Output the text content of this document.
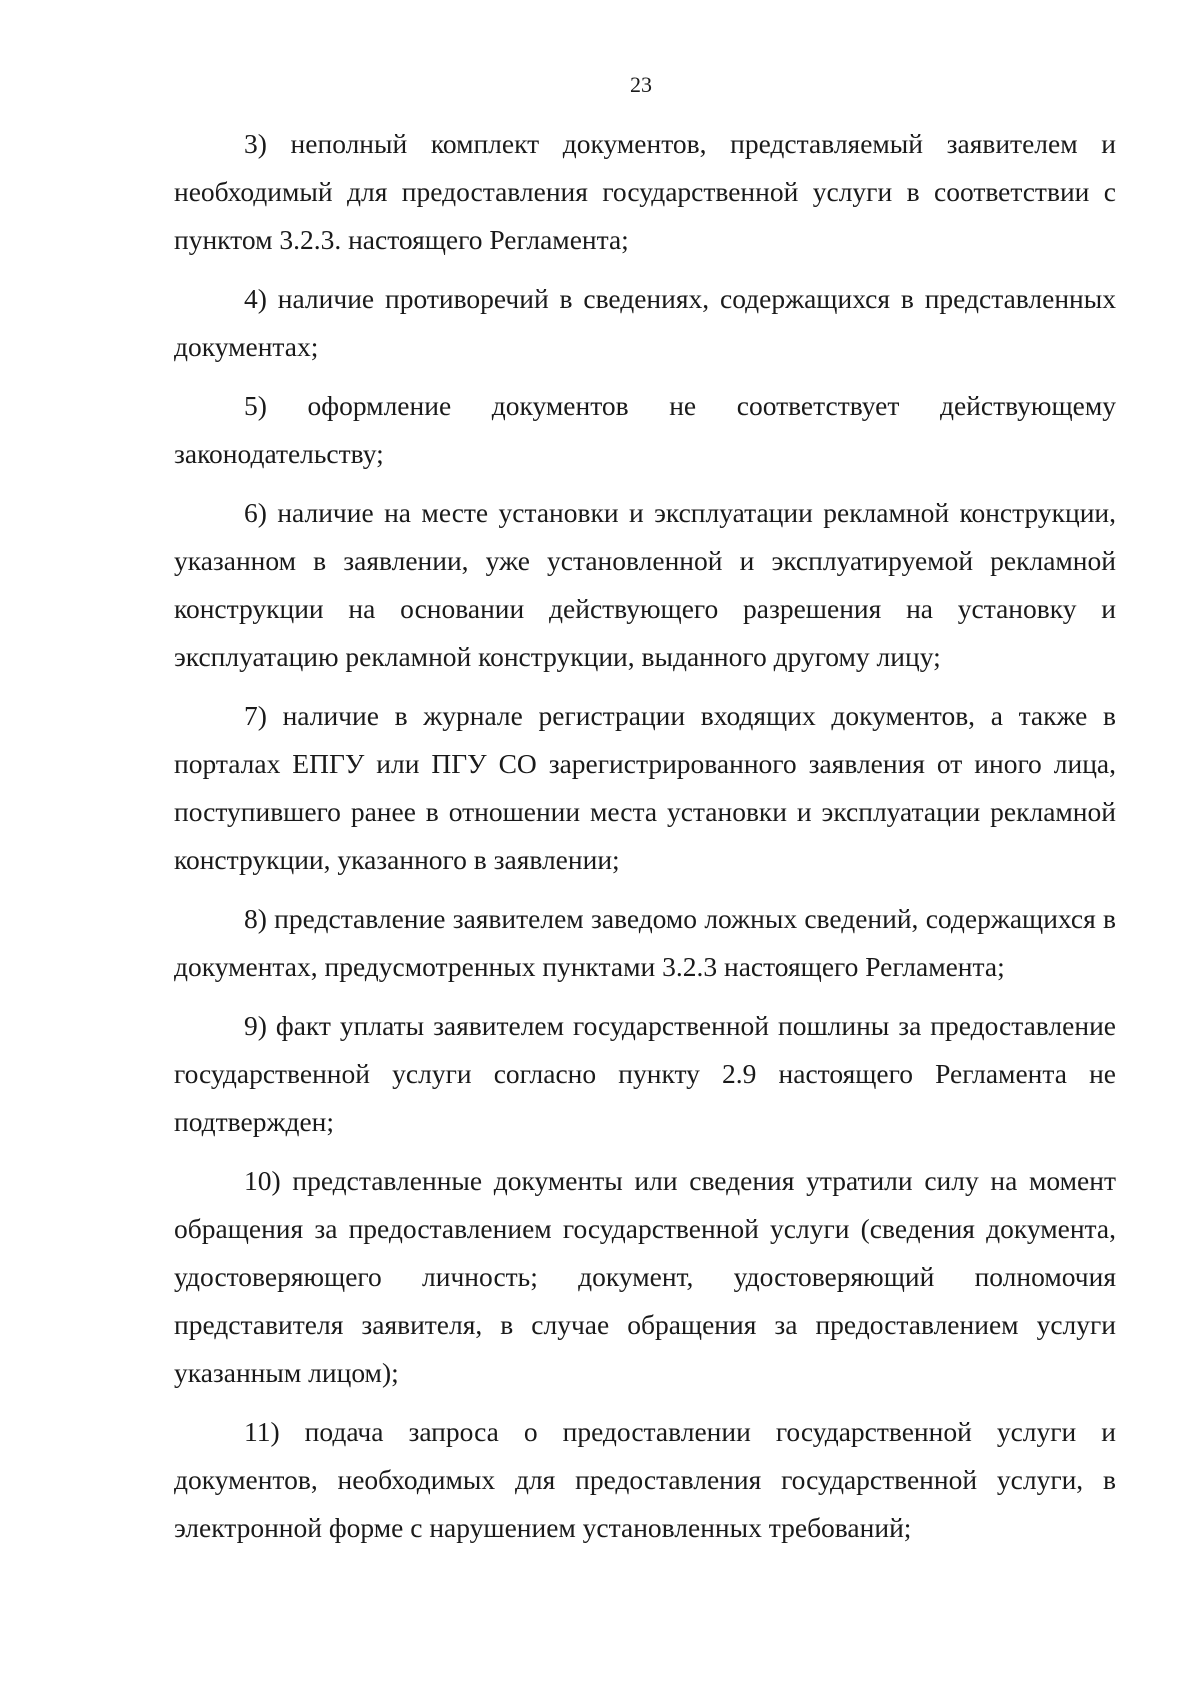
23

3) неполный комплект документов, представляемый заявителем и необходимый для предоставления государственной услуги в соответствии с пунктом 3.2.3. настоящего Регламента;

4) наличие противоречий в сведениях, содержащихся в представленных документах;

5) оформление документов не соответствует действующему законодательству;

6) наличие на месте установки и эксплуатации рекламной конструкции, указанном в заявлении, уже установленной и эксплуатируемой рекламной конструкции на основании действующего разрешения на установку и эксплуатацию рекламной конструкции, выданного другому лицу;

7) наличие в журнале регистрации входящих документов, а также в порталах ЕПГУ или ПГУ СО зарегистрированного заявления от иного лица, поступившего ранее в отношении места установки и эксплуатации рекламной конструкции, указанного в заявлении;

8) представление заявителем заведомо ложных сведений, содержащихся в документах, предусмотренных пунктами 3.2.3 настоящего Регламента;

9) факт уплаты заявителем государственной пошлины за предоставление государственной услуги согласно пункту 2.9 настоящего Регламента не подтвержден;

10) представленные документы или сведения утратили силу на момент обращения за предоставлением государственной услуги (сведения документа, удостоверяющего личность; документ, удостоверяющий полномочия представителя заявителя, в случае обращения за предоставлением услуги указанным лицом);

11) подача запроса о предоставлении государственной услуги и документов, необходимых для предоставления государственной услуги, в электронной форме с нарушением установленных требований;
